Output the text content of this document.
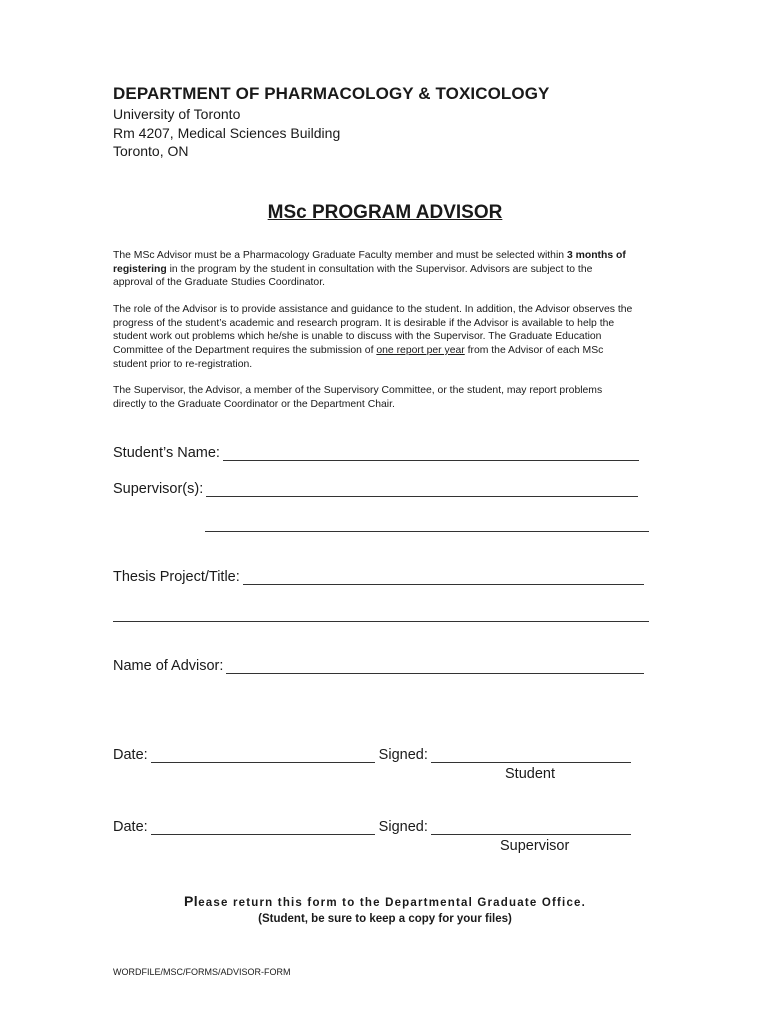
DEPARTMENT OF PHARMACOLOGY & TOXICOLOGY
University of Toronto
Rm 4207, Medical Sciences Building
Toronto, ON
MSc PROGRAM ADVISOR
The MSc Advisor must be a Pharmacology Graduate Faculty member and must be selected within 3 months of registering in the program by the student in consultation with the Supervisor. Advisors are subject to the approval of the Graduate Studies Coordinator.
The role of the Advisor is to provide assistance and guidance to the student. In addition, the Advisor observes the progress of the student’s academic and research program. It is desirable if the Advisor is available to help the student work out problems which he/she is unable to discuss with the Supervisor. The Graduate Education Committee of the Department requires the submission of one report per year from the Advisor of each MSc student prior to re-registration.
The Supervisor, the Advisor, a member of the Supervisory Committee, or the student, may report problems directly to the Graduate Coordinator or the Department Chair.
Student’s Name:
Supervisor(s):
Thesis Project/Title:
Name of Advisor:
Date:	Signed:
Student
Date:	Signed:
Supervisor
Please return this form to the Departmental Graduate Office.
(Student, be sure to keep a copy for your files)
WORDFILE/MSC/FORMS/ADVISOR-FORM
